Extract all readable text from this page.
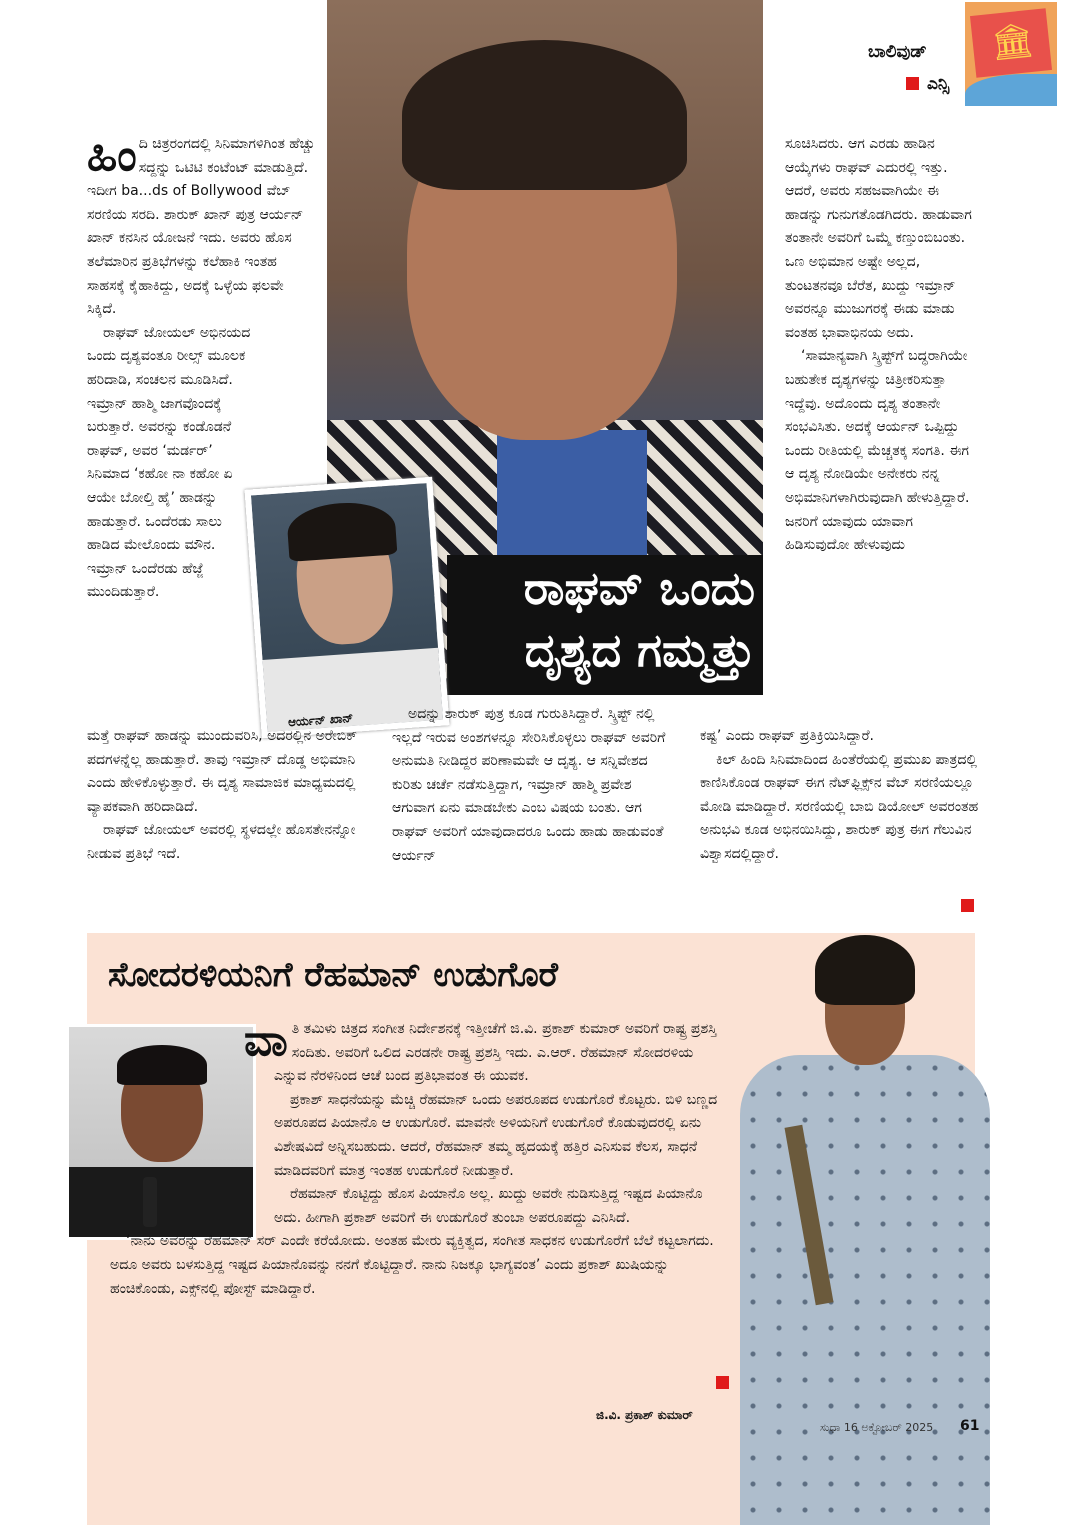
🏛
ಬಾಲಿವುಡ್
ಎನ್ಸಿ
ರಾಘವ್ ಒಂದು
ದೃಶ್ಯದ ಗಮ್ಮತ್ತು
ಆರ್ಯನ್ ಖಾನ್

ಹಿಂದಿ ಚಿತ್ರರಂಗದಲ್ಲಿ ಸಿನಿಮಾಗಳಿಗಿಂತ ಹೆಚ್ಚು ಸದ್ದನ್ನು ಒಟಿಟಿ ಕಂಟೆಂಟ್ ಮಾಡುತ್ತಿದೆ. ಇದೀಗ ba...ds of Bollywood ವೆಬ್ ಸರಣಿಯ ಸರದಿ. ಶಾರುಕ್ ಖಾನ್ ಪುತ್ರ ಆರ್ಯನ್ ಖಾನ್ ಕನಸಿನ ಯೋಜನೆ ಇದು. ಅವರು ಹೊಸ ತಲೆಮಾರಿನ ಪ್ರತಿಭೆಗಳನ್ನು ಕಲೆಹಾಕಿ ಇಂತಹ ಸಾಹಸಕ್ಕೆ ಕೈಹಾಕಿದ್ದು, ಅದಕ್ಕೆ ಒಳ್ಳೆಯ ಫಲವೇ ಸಿಕ್ಕಿದೆ.

ರಾಘವ್ ಜೋಯಲ್ ಅಭಿನಯದ ಒಂದು ದೃಶ್ಯವಂತೂ ರೀಲ್ಸ್ ಮೂಲಕ ಹರಿದಾಡಿ, ಸಂಚಲನ ಮೂಡಿಸಿದೆ. ಇಮ್ರಾನ್ ಹಾಶ್ಮಿ ಜಾಗವೊಂದಕ್ಕೆ ಬರುತ್ತಾರೆ. ಅವರನ್ನು ಕಂಡೊಡನೆ ರಾಘವ್, ಅವರ ‘ಮರ್ಡರ್’ ಸಿನಿಮಾದ ‘ಕಹೋ ನಾ ಕಹೋ ಏ ಆಯೇ ಬೋಲ್ತಿ ಹೈ’ ಹಾಡನ್ನು ಹಾಡುತ್ತಾರೆ. ಒಂದೆರಡು ಸಾಲು ಹಾಡಿದ ಮೇಲೊಂದು ಮೌನ. ಇಮ್ರಾನ್ ಒಂದೆರಡು ಹೆಜ್ಜೆ ಮುಂದಿಡುತ್ತಾರೆ.

ಮತ್ತೆ ರಾಘವ್ ಹಾಡನ್ನು ಮುಂದುವರಿಸಿ, ಅದರಲ್ಲಿನ ಅರೇಬಿಕ್ ಪದಗಳನ್ನೆಲ್ಲ ಹಾಡುತ್ತಾರೆ. ತಾವು ಇಮ್ರಾನ್ ದೊಡ್ಡ ಅಭಿಮಾನಿ ಎಂದು ಹೇಳಿಕೊಳ್ಳುತ್ತಾರೆ. ಈ ದೃಶ್ಯ ಸಾಮಾಜಿಕ ಮಾಧ್ಯಮದಲ್ಲಿ ವ್ಯಾಪಕವಾಗಿ ಹರಿದಾಡಿದೆ.

ರಾಘವ್ ಜೋಯಲ್ ಅವರಲ್ಲಿ ಸ್ಥಳದಲ್ಲೇ ಹೊಸತೇನನ್ನೋ ನೀಡುವ ಪ್ರತಿಭೆ ಇದೆ.

ಅದನ್ನು ಶಾರುಕ್ ಪುತ್ರ ಕೂಡ ಗುರುತಿಸಿದ್ದಾರೆ. ಸ್ಕ್ರಿಪ್ಟ್ ನಲ್ಲಿ ಇಲ್ಲದೆ ಇರುವ ಅಂಶಗಳನ್ನೂ ಸೇರಿಸಿಕೊಳ್ಳಲು ರಾಘವ್ ಅವರಿಗೆ ಅನುಮತಿ ನೀಡಿದ್ದರ ಪರಿಣಾಮವೇ ಆ ದೃಶ್ಯ. ಆ ಸನ್ನಿವೇಶದ ಕುರಿತು ಚರ್ಚೆ ನಡೆಸುತ್ತಿದ್ದಾಗ, ಇಮ್ರಾನ್ ಹಾಶ್ಮಿ ಪ್ರವೇಶ ಆಗುವಾಗ ಏನು ಮಾಡಬೇಕು ಎಂಬ ವಿಷಯ ಬಂತು. ಆಗ ರಾಘವ್ ಅವರಿಗೆ ಯಾವುದಾದರೂ ಒಂದು ಹಾಡು ಹಾಡುವಂತೆ ಆರ್ಯನ್

ಸೂಚಿಸಿದರು. ಆಗ ಎರಡು ಹಾಡಿನ ಆಯ್ಕೆಗಳು ರಾಘವ್ ಎದುರಲ್ಲಿ ಇತ್ತು. ಆದರೆ, ಅವರು ಸಹಜವಾಗಿಯೇ ಈ ಹಾಡನ್ನು ಗುನುಗತೊಡಗಿದರು. ಹಾಡುವಾಗ ತಂತಾನೇ ಅವರಿಗೆ ಒಮ್ಮೆ ಕಣ್ತುಂಬಿಬಂತು. ಒಣ ಅಭಿಮಾನ ಅಷ್ಟೇ ಅಲ್ಲದ, ತುಂಟತನವೂ ಬೆರೆತ, ಖುದ್ದು ಇಮ್ರಾನ್ ಅವರನ್ನೂ ಮುಜುಗರಕ್ಕೆ ಈಡು ಮಾಡು ವಂತಹ ಭಾವಾಭಿನಯ ಅದು.

‘ಸಾಮಾನ್ಯವಾಗಿ ಸ್ಕ್ರಿಪ್ಟ್‌ಗೆ ಬದ್ಧರಾಗಿಯೇ ಬಹುತೇಕ ದೃಶ್ಯಗಳನ್ನು ಚಿತ್ರೀಕರಿಸುತ್ತಾ ಇದ್ದೆವು. ಅದೊಂದು ದೃಶ್ಯ ತಂತಾನೇ ಸಂಭವಿಸಿತು. ಅದಕ್ಕೆ ಆರ್ಯನ್ ಒಪ್ಪಿದ್ದು ಒಂದು ರೀತಿಯಲ್ಲಿ ಮೆಚ್ಚತಕ್ಕ ಸಂಗತಿ. ಈಗ ಆ ದೃಶ್ಯ ನೋಡಿಯೇ ಅನೇಕರು ನನ್ನ ಅಭಿಮಾನಿಗಳಾಗಿರುವುದಾಗಿ ಹೇಳುತ್ತಿದ್ದಾರೆ. ಜನರಿಗೆ ಯಾವುದು ಯಾವಾಗ ಹಿಡಿಸುವುದೋ ಹೇಳುವುದು

ಕಷ್ಟ’ ಎಂದು ರಾಘವ್ ಪ್ರತಿಕ್ರಿಯಿಸಿದ್ದಾರೆ.

ಕಿಲ್ ಹಿಂದಿ ಸಿನಿಮಾದಿಂದ ಹಿಂತೆರೆಯಲ್ಲಿ ಪ್ರಮುಖ ಪಾತ್ರದಲ್ಲಿ ಕಾಣಿಸಿಕೊಂಡ ರಾಘವ್ ಈಗ ನೆಟ್‌ಫ್ಲಿಕ್ಸ್‌ನ ವೆಬ್ ಸರಣಿಯಲ್ಲೂ ಮೋಡಿ ಮಾಡಿದ್ದಾರೆ. ಸರಣಿಯಲ್ಲಿ ಬಾಬಿ ಡಿಯೋಲ್ ಅವರಂತಹ ಅನುಭವಿ ಕೂಡ ಅಭಿನಯಿಸಿದ್ದು, ಶಾರುಕ್ ಪುತ್ರ ಈಗ ಗೆಲುವಿನ ವಿಶ್ವಾಸದಲ್ಲಿದ್ದಾರೆ.

ಸೋದರಳಿಯನಿಗೆ ರೆಹಮಾನ್ ಉಡುಗೊರೆ

ವಾತಿ ತಮಿಳು ಚಿತ್ರದ ಸಂಗೀತ ನಿರ್ದೇಶನಕ್ಕೆ ಇತ್ತೀಚೆಗೆ ಜಿ.ವಿ. ಪ್ರಕಾಶ್ ಕುಮಾರ್ ಅವರಿಗೆ ರಾಷ್ಟ್ರ ಪ್ರಶಸ್ತಿ ಸಂದಿತು. ಅವರಿಗೆ ಒಲಿದ ಎರಡನೇ ರಾಷ್ಟ್ರ ಪ್ರಶಸ್ತಿ ಇದು. ಎ.ಆರ್. ರೆಹಮಾನ್ ಸೋದರಳಿಯ ಎನ್ನುವ ನೆರಳಿನಿಂದ ಆಚೆ ಬಂದ ಪ್ರತಿಭಾವಂತ ಈ ಯುವಕ.

ಪ್ರಕಾಶ್ ಸಾಧನೆಯನ್ನು ಮೆಚ್ಚಿ ರೆಹಮಾನ್ ಒಂದು ಅಪರೂಪದ ಉಡುಗೊರೆ ಕೊಟ್ಟರು. ಬಿಳಿ ಬಣ್ಣದ ಅಪರೂಪದ ಪಿಯಾನೊ ಆ ಉಡುಗೊರೆ. ಮಾವನೇ ಅಳಿಯನಿಗೆ ಉಡುಗೊರೆ ಕೊಡುವುದರಲ್ಲಿ ಏನು ವಿಶೇಷವಿದೆ ಅನ್ನಿಸಬಹುದು. ಆದರೆ, ರೆಹಮಾನ್ ತಮ್ಮ ಹೃದಯಕ್ಕೆ ಹತ್ತಿರ ಎನಿಸುವ ಕೆಲಸ, ಸಾಧನೆ ಮಾಡಿದವರಿಗೆ ಮಾತ್ರ ಇಂತಹ ಉಡುಗೊರೆ ನೀಡುತ್ತಾರೆ.

ರೆಹಮಾನ್ ಕೊಟ್ಟಿದ್ದು ಹೊಸ ಪಿಯಾನೊ ಅಲ್ಲ. ಖುದ್ದು ಅವರೇ ನುಡಿಸುತ್ತಿದ್ದ ಇಷ್ಟದ ಪಿಯಾನೊ ಅದು. ಹೀಗಾಗಿ ಪ್ರಕಾಶ್ ಅವರಿಗೆ ಈ ಉಡುಗೊರೆ ತುಂಬಾ ಅಪರೂಪದ್ದು ಎನಿಸಿದೆ.

‘ನಾನು ಅವರನ್ನು ರೆಹಮಾನ್ ಸರ್ ಎಂದೇ ಕರೆಯೋದು. ಅಂತಹ ಮೇರು ವ್ಯಕ್ತಿತ್ವದ, ಸಂಗೀತ ಸಾಧಕನ ಉಡುಗೊರೆಗೆ ಬೆಲೆ ಕಟ್ಟಲಾಗದು. ಅದೂ ಅವರು ಬಳಸುತ್ತಿದ್ದ ಇಷ್ಟದ ಪಿಯಾನೊವನ್ನು ನನಗೆ ಕೊಟ್ಟಿದ್ದಾರೆ. ನಾನು ನಿಜಕ್ಕೂ ಭಾಗ್ಯವಂತ’ ಎಂದು ಪ್ರಕಾಶ್ ಖುಷಿಯನ್ನು ಹಂಚಿಕೊಂಡು, ಎಕ್ಸ್‌ನಲ್ಲಿ ಪೋಸ್ಟ್ ಮಾಡಿದ್ದಾರೆ.

ಜಿ.ವಿ. ಪ್ರಕಾಶ್ ಕುಮಾರ್
ಸುಧಾ 16 ಅಕ್ಟೋಬರ್ 2025 61
